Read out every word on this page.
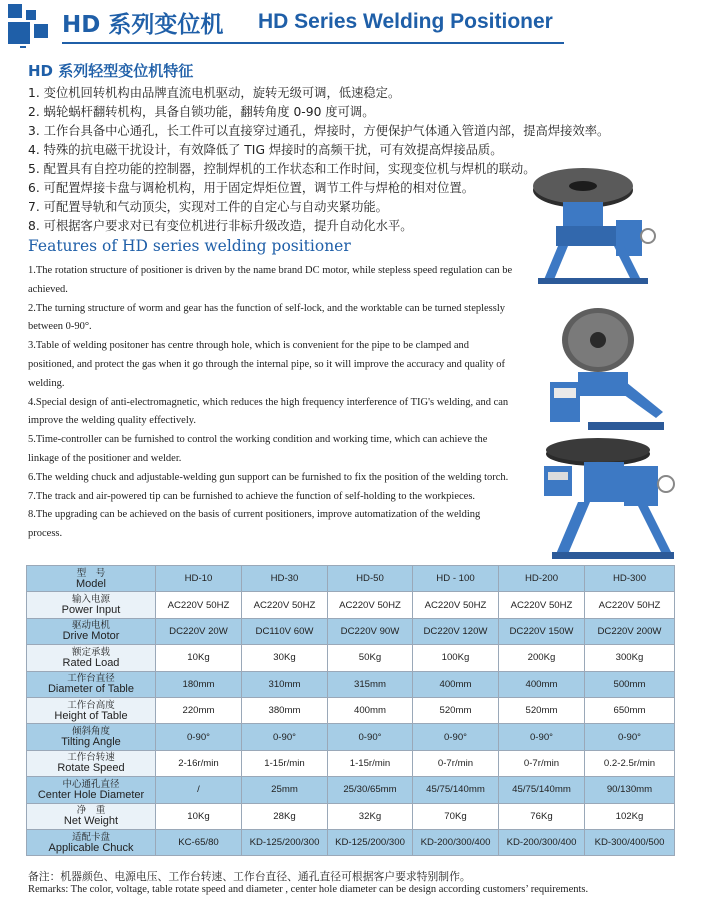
HD 系列变位机 HD Series Welding Positioner
HD 系列轻型变位机特征
1. 变位机回转机构由品牌直流电机驱动，旋转无级可调，低速稳定。
2. 蜗轮蜗杆翻转机构，具备自锁功能，翻转角度 0-90 度可调。
3. 工作台具备中心通孔，长工件可以直接穿过通孔，焊接时，方便保护气体通入管道内部，提高焊接效率。
4. 特殊的抗电磁干扰设计，有效降低了 TIG 焊接时的高频干扰，可有效提高焊接品质。
5. 配置具有自控功能的控制器，控制焊机的工作状态和工作时间，实现变位机与焊机的联动。
6. 可配置焊接卡盘与调枪机构，用于固定焊炬位置，调节工件与焊枪的相对位置。
7. 可配置导轨和气动顶尖，实现对工件的自定心与自动夹紧功能。
8. 可根据客户要求对已有变位机进行非标升级改造，提升自动化水平。
Features of HD series welding positioner
1.The rotation structure of positioner is driven by the name brand DC motor, while stepless speed regulation can be achieved.
2.The turning structure of worm and gear has the function of self-lock, and the worktable can be turned steplessly between 0-90°.
3.Table of welding positoner has centre through hole, which is convenient for the pipe to be clamped and positioned, and protect the gas when it go through the internal pipe, so it will improve the accuracy and quality of welding.
4.Special design of anti-electromagnetic, which reduces the high frequency interference of TIG's welding, and can improve the welding quality effectively.
5.Time-controller can be furnished to control the working condition and working time, which can achieve the linkage of the positioner and welder.
6.The welding chuck and adjustable-welding gun support can be furnished to fix the position of the welding torch.
7.The track and air-powered tip can be furnished to achieve the function of self-holding to the workpieces.
8.The upgrading can be achieved on the basis of current positioners, improve automatization of the welding process.
型　号
Model	HD-10	HD-30	HD-50	HD - 100	HD-200	HD-300

输入电源
Power Input	AC220V 50HZ	AC220V 50HZ	AC220V 50HZ	AC220V 50HZ	AC220V 50HZ	AC220V 50HZ

驱动电机
Drive Motor	DC220V 20W	DC110V 60W	DC220V 90W	DC220V 120W	DC220V 150W	DC220V 200W

额定承载
Rated Load	10Kg	30Kg	50Kg	100Kg	200Kg	300Kg

工作台直径
Diameter of Table	180mm	310mm	315mm	400mm	400mm	500mm

工作台高度
Height of Table	220mm	380mm	400mm	520mm	520mm	650mm

倾斜角度
Tilting Angle	0-90°	0-90°	0-90°	0-90°	0-90°	0-90°

工作台转速
Rotate Speed	2-16r/min	1-15r/min	1-15r/min	0-7r/min	0-7r/min	0.2-2.5r/min

中心通孔直径
Center Hole Diameter	/	25mm	25/30/65mm	45/75/140mm	45/75/140mm	90/130mm

净　重
Net Weight	10Kg	28Kg	32Kg	70Kg	76Kg	102Kg

适配卡盘
Applicable Chuck	KC-65/80	KD-125/200/300	KD-125/200/300	KD-200/300/400	KD-200/300/400	KD-300/400/500
备注：机器颜色、电源电压、工作台转速、工作台直径、通孔直径可根据客户要求特别制作。
Remarks: The color, voltage, table rotate speed and diameter , center hole diameter can be design according customers’ requirements.
